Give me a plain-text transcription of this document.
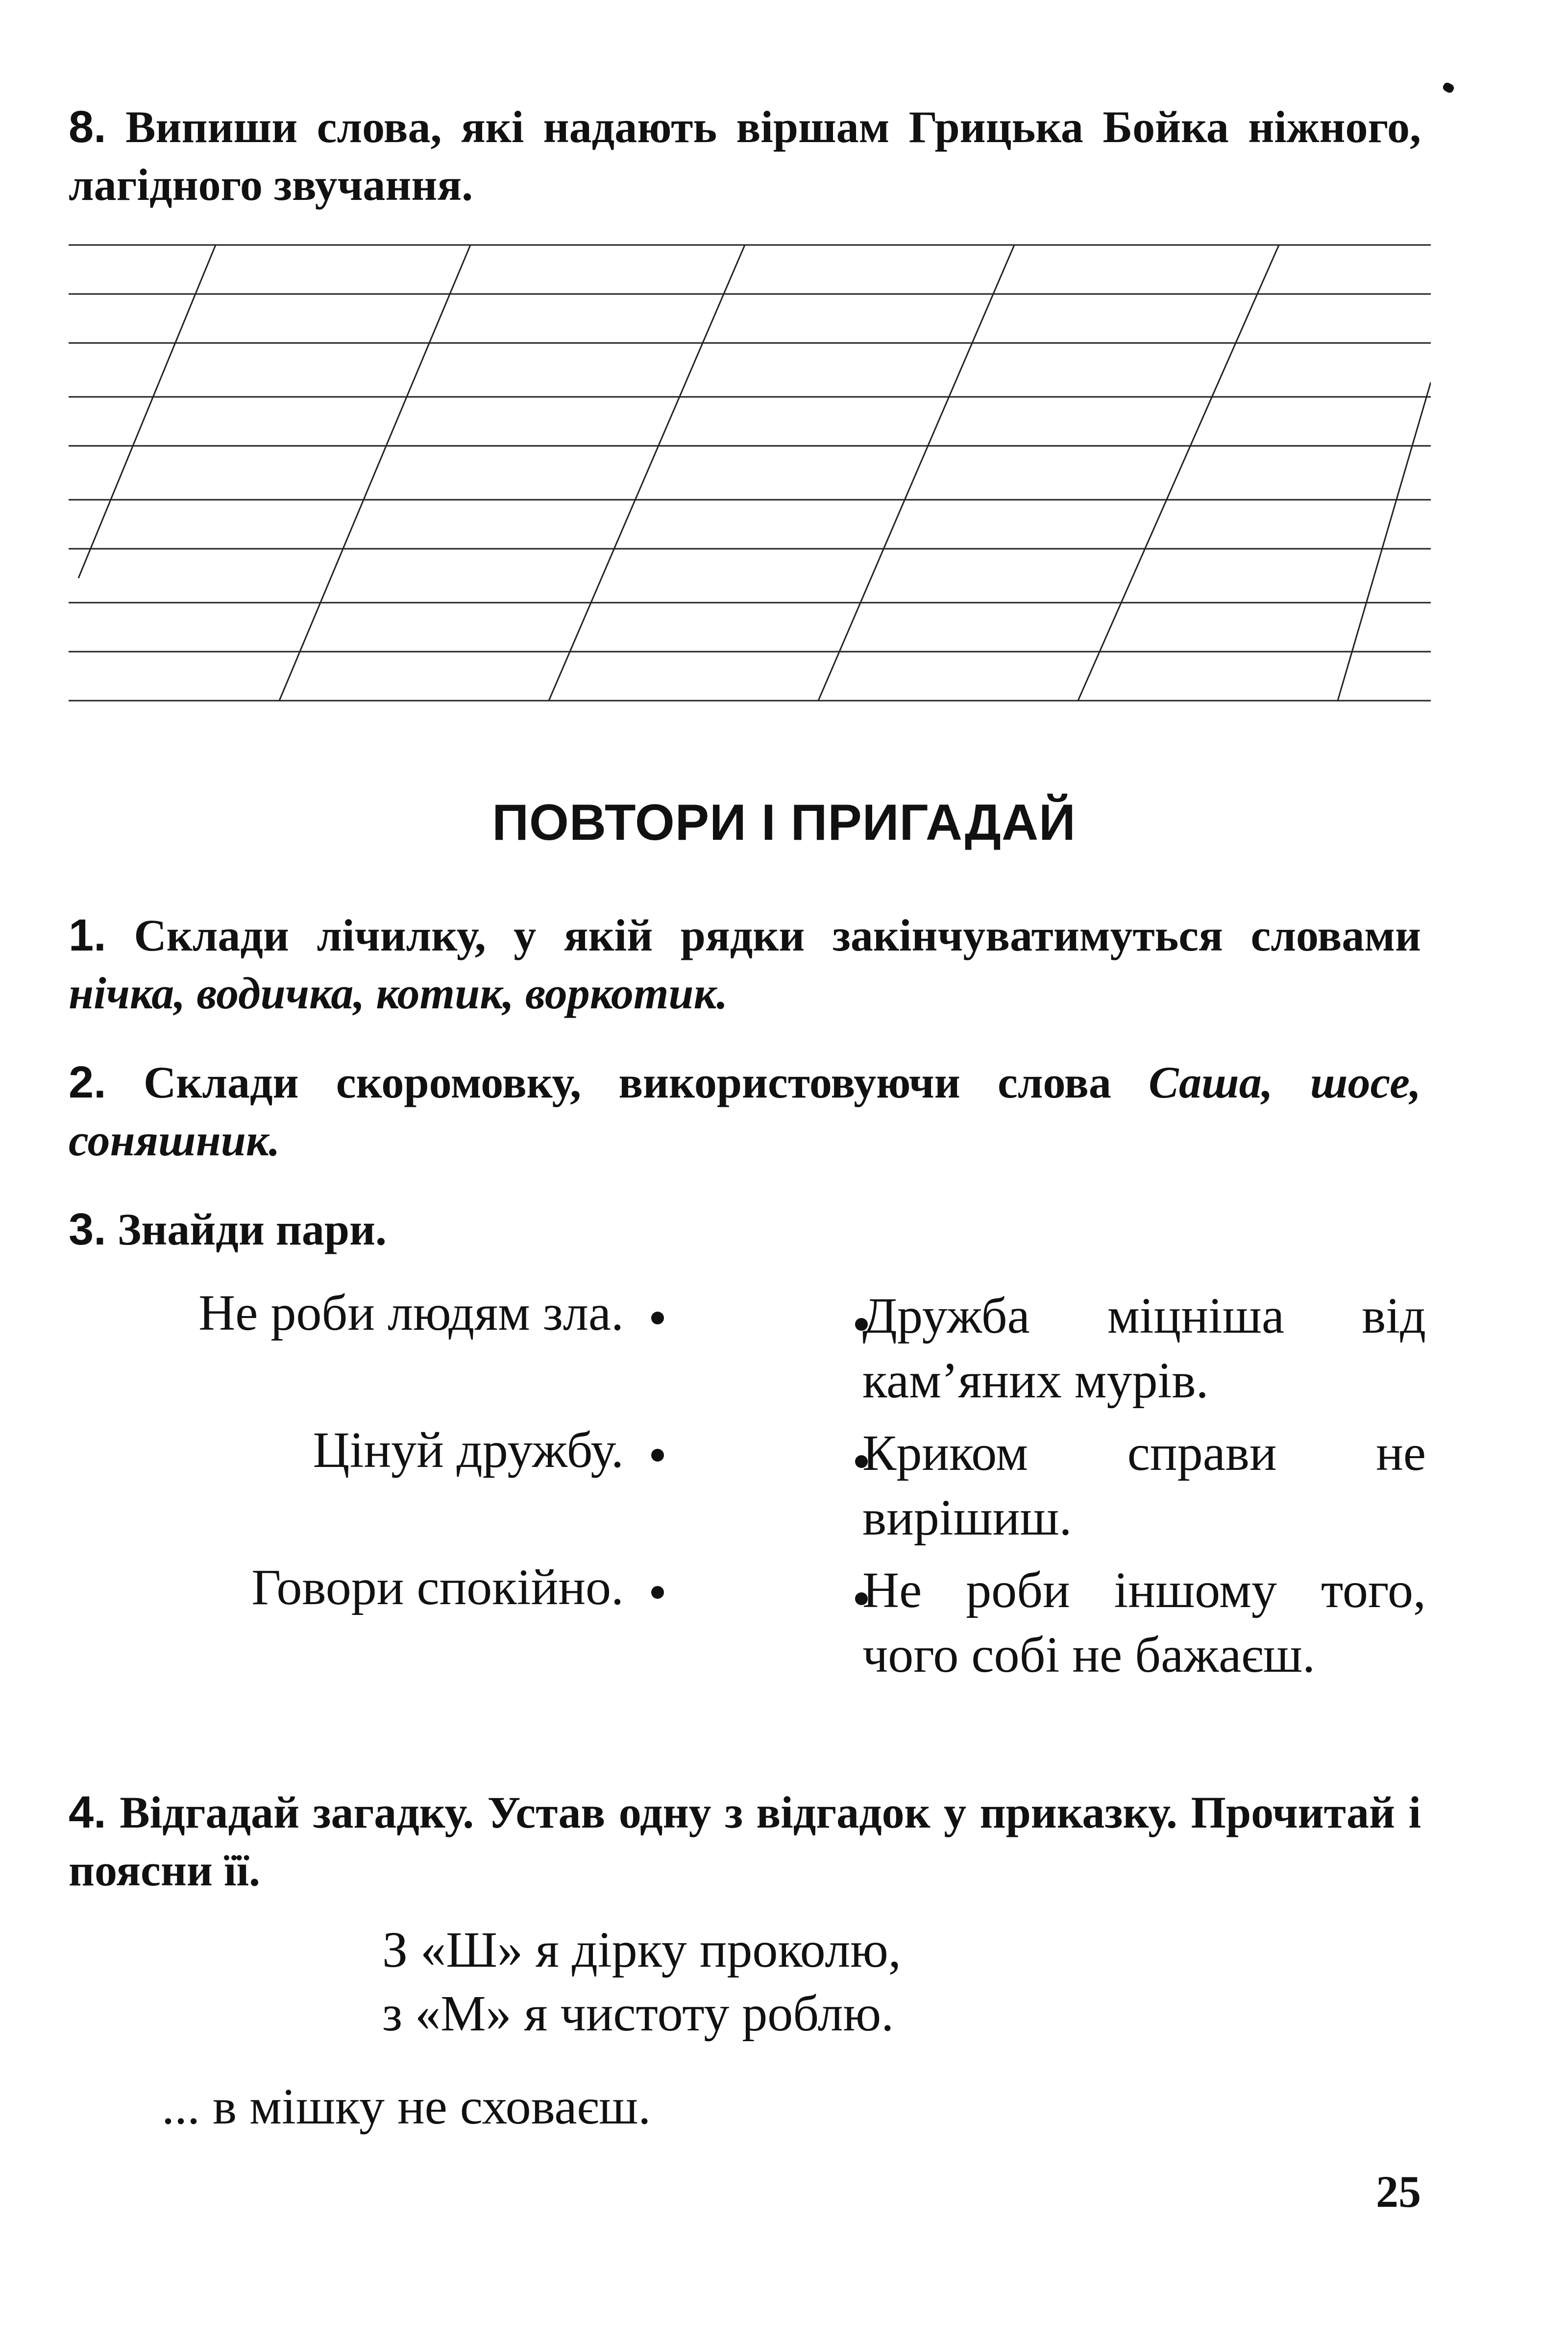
8. Випиши слова, які надають віршам Грицька Бойка ніжного, лагідного звучання.
ПОВТОРИ І ПРИГАДАЙ
1. Склади лічилку, у якій рядки закінчуватимуться словами нічка, водичка, котик, воркотик.
2. Склади скоромовку, використовуючи слова Саша, шосе, соняшник.
3. Знайди пари.
Не роби людям зла.
Цінуй дружбу.
Говори спокійно.
Дружба міцніша від кам’яних мурів.
Криком справи не вирішиш.
Не роби іншому того, чого собі не бажаєш.
4. Відгадай загадку. Устав одну з відгадок у приказку. Прочитай і поясни її.
З «Ш» я дірку проколю,
з «М» я чистоту роблю.
... в мішку не сховаєш.
25
